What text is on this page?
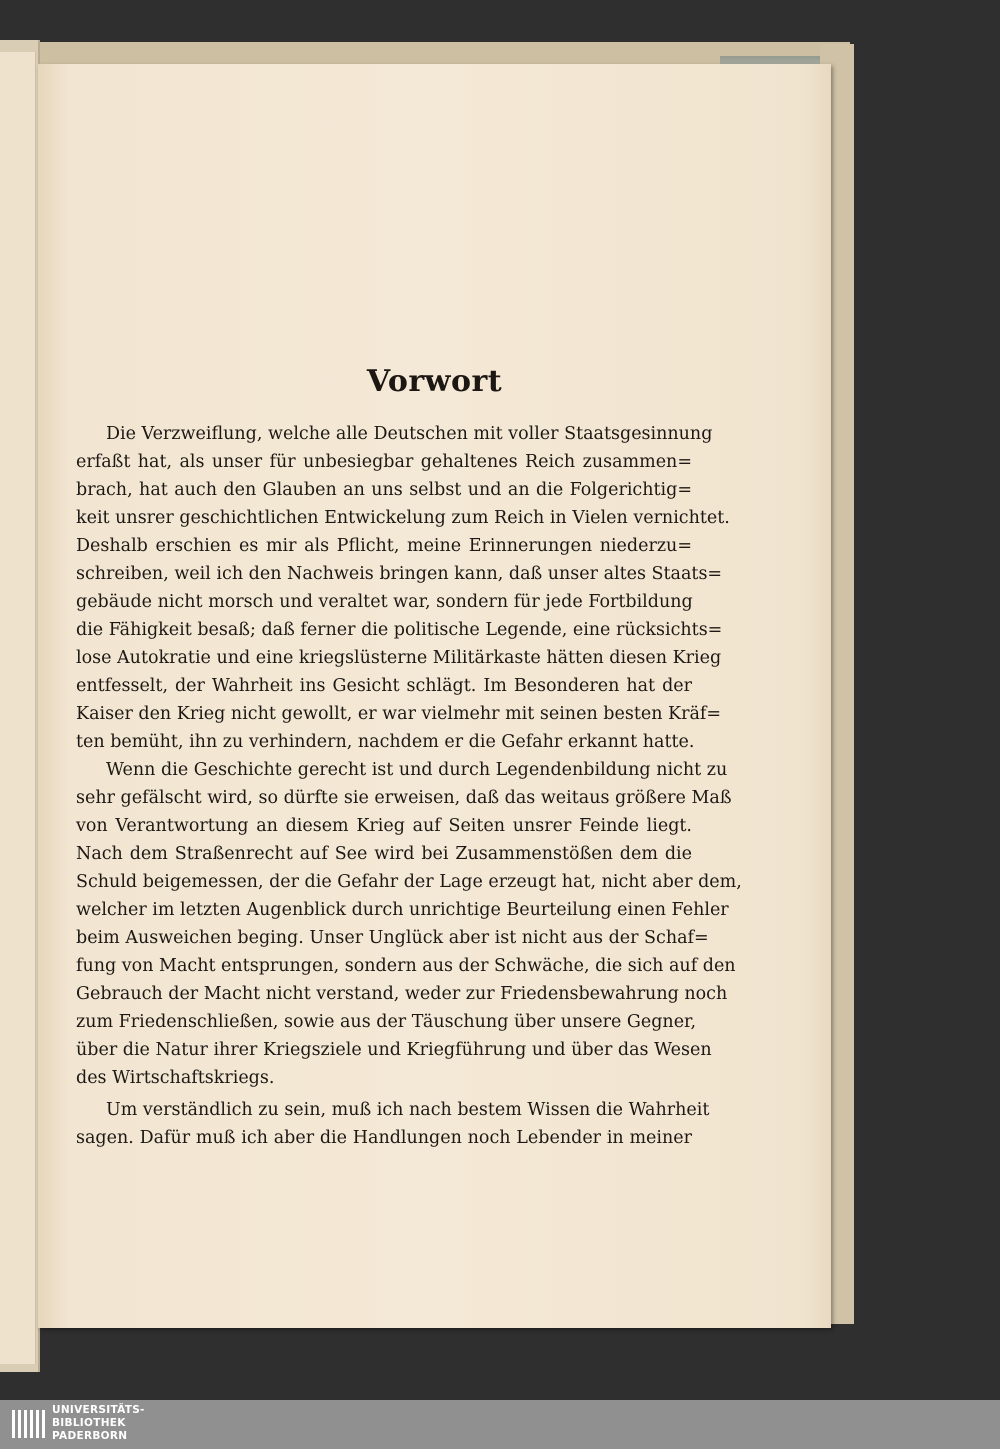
Vorwort
Die Verzweiflung, welche alle Deutschen mit voller Staatsgesinnung
erfaßt hat, als unser für unbesiegbar gehaltenes Reich zusammen=
brach, hat auch den Glauben an uns selbst und an die Folgerichtig=
keit unsrer geschichtlichen Entwickelung zum Reich in Vielen vernichtet.
Deshalb erschien es mir als Pflicht, meine Erinnerungen niederzu=
schreiben, weil ich den Nachweis bringen kann, daß unser altes Staats=
gebäude nicht morsch und veraltet war, sondern für jede Fortbildung
die Fähigkeit besaß; daß ferner die politische Legende, eine rücksichts=
lose Autokratie und eine kriegslüsterne Militärkaste hätten diesen Krieg
entfesselt, der Wahrheit ins Gesicht schlägt. Im Besonderen hat der
Kaiser den Krieg nicht gewollt, er war vielmehr mit seinen besten Kräf=
ten bemüht, ihn zu verhindern, nachdem er die Gefahr erkannt hatte.
Wenn die Geschichte gerecht ist und durch Legendenbildung nicht zu
sehr gefälscht wird, so dürfte sie erweisen, daß das weitaus größere Maß
von Verantwortung an diesem Krieg auf Seiten unsrer Feinde liegt.
Nach dem Straßenrecht auf See wird bei Zusammenstößen dem die
Schuld beigemessen, der die Gefahr der Lage erzeugt hat, nicht aber dem,
welcher im letzten Augenblick durch unrichtige Beurteilung einen Fehler
beim Ausweichen beging. Unser Unglück aber ist nicht aus der Schaf=
fung von Macht entsprungen, sondern aus der Schwäche, die sich auf den
Gebrauch der Macht nicht verstand, weder zur Friedensbewahrung noch
zum Friedenschließen, sowie aus der Täuschung über unsere Gegner,
über die Natur ihrer Kriegsziele und Kriegführung und über das Wesen
des Wirtschaftskriegs.
Um verständlich zu sein, muß ich nach bestem Wissen die Wahrheit
sagen. Dafür muß ich aber die Handlungen noch Lebender in meiner
UNIVERSITÄTS-
BIBLIOTHEK
PADERBORN
